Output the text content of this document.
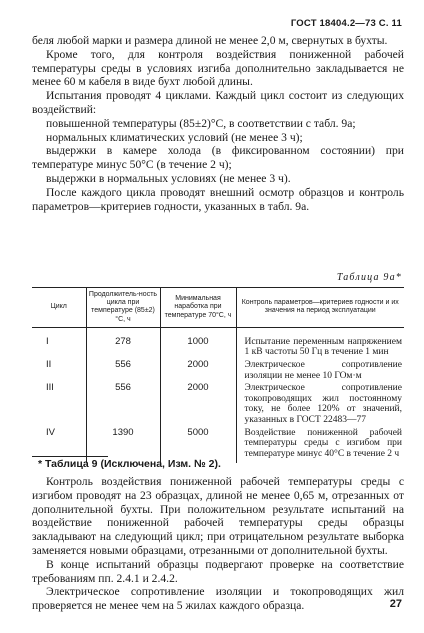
ГОСТ 18404.2—73 С. 11

беля любой марки и размера длиной не менее 2,0 м, свернутых в бухты.

Кроме того, для контроля воздействия пониженной рабочей температуры среды в условиях изгиба дополнительно закладывается не менее 60 м кабеля в виде бухт любой длины.

Испытания проводят 4 циклами. Каждый цикл состоит из следующих воздействий:

повышенной температуры (85±2)°С, в соответствии с табл. 9а;

нормальных климатических условий (не менее 3 ч);

выдержки в камере холода (в фиксированном состоянии) при температуре минус 50°С (в течение 2 ч);

выдержки в нормальных условиях (не менее 3 ч).

После каждого цикла проводят внешний осмотр образцов и контроль параметров—критериев годности, указанных в табл. 9а.

Таблица 9а*
Цикл	Продолжитель-ность цикла при температуре (85±2)°С, ч	Минимальная наработка при температуре 70°С, ч	Контроль параметров—критериев годности и их значения на период эксплуатации
I	278	1000	Испытание переменным напряжением 1 кВ частоты 50 Гц в течение 1 мин
II	556	2000	Электрическое сопротивление изоляции не менее 10 ГОм·м
III	556	2000	Электрическое сопротивление токопроводящих жил постоянному току, не более 120% от значений, указанных в ГОСТ 22483—77
IV	1390	5000	Воздействие пониженной рабочей температуры среды с изгибом при температуре минус 40°С в течение 2 ч
* Таблица 9 (Исключена, Изм. № 2).

Контроль воздействия пониженной рабочей температуры среды с изгибом проводят на 23 образцах, длиной не менее 0,65 м, отрезанных от дополнительной бухты. При положительном результате испытаний на воздействие пониженной рабочей температуры среды образцы закладывают на следующий цикл; при отрицательном результате выборка заменяется новыми образцами, отрезанными от дополнительной бухты.

В конце испытаний образцы подвергают проверке на соответствие требованиям пп. 2.4.1 и 2.4.2.

Электрическое сопротивление изоляции и токопроводящих жил проверяется не менее чем на 5 жилах каждого образца.	27
